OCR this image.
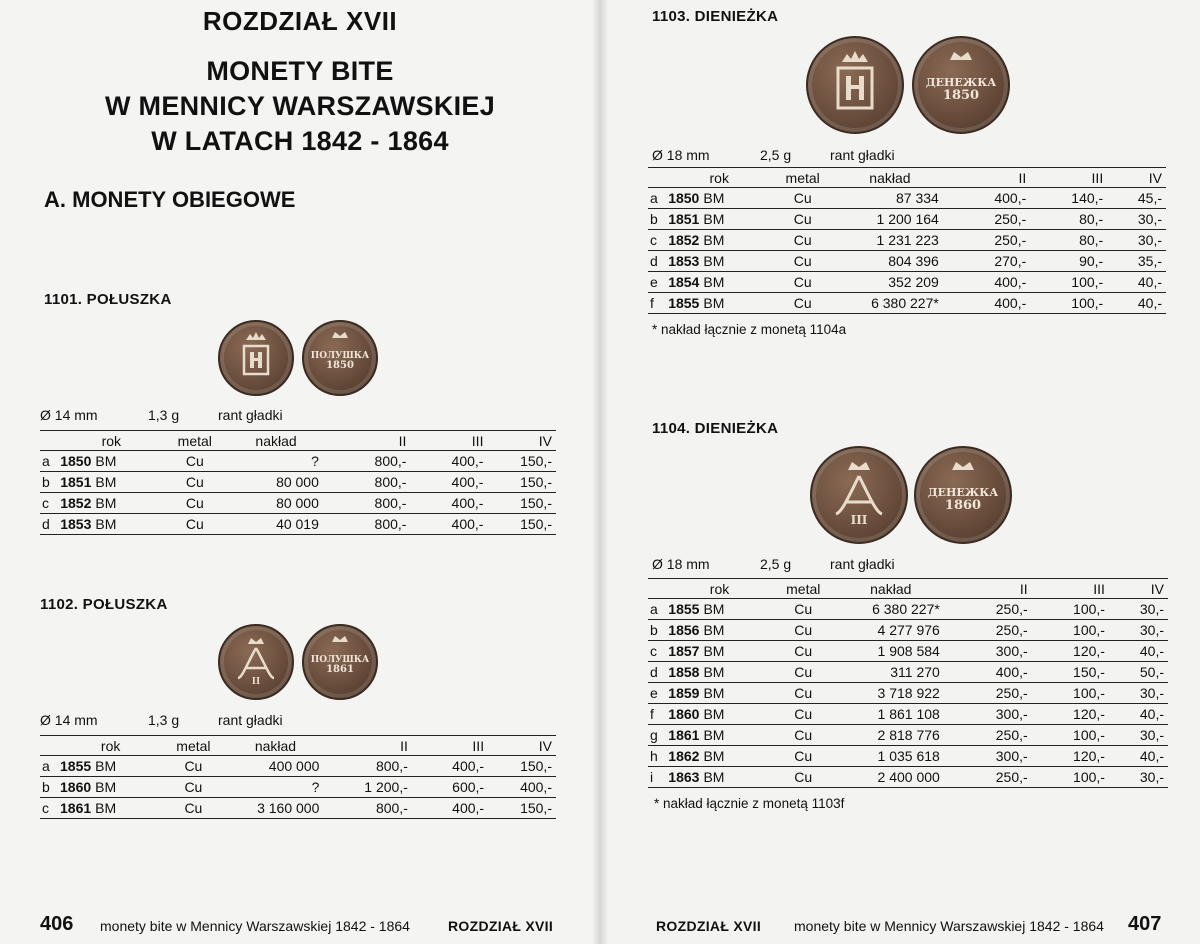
ROZDZIAŁ XVII
MONETY BITE
W MENNICY WARSZAWSKIEJ
W LATACH 1842 - 1864
A. MONETY OBIEGOWE
1101. POŁUSZKA
ПОЛУШКА
1850
Ø 14 mm	1,3 g	rant gładki
	rok	metal	nakład	II	III	IV
a	1850 BM	Cu	?	800,-	400,-	150,-
b	1851 BM	Cu	80 000	800,-	400,-	150,-
c	1852 BM	Cu	80 000	800,-	400,-	150,-
d	1853 BM	Cu	40 019	800,-	400,-	150,-
1102. POŁUSZKA
II
ПОЛУШКА
1861
Ø 14 mm	1,3 g	rant gładki
	rok	metal	nakład	II	III	IV
a	1855 BM	Cu	400 000	800,-	400,-	150,-
b	1860 BM	Cu	?	1 200,-	600,-	400,-
c	1861 BM	Cu	3 160 000	800,-	400,-	150,-
406 monety bite w Mennicy Warszawskiej 1842 - 1864	ROZDZIAŁ XVII
1103. DIENIEŻKA
ДЕНЕЖКА
1850
Ø 18 mm	2,5 g	rant gładki
	rok	metal	nakład	II	III	IV
a	1850 BM	Cu	87 334	400,-	140,-	45,-
b	1851 BM	Cu	1 200 164	250,-	80,-	30,-
c	1852 BM	Cu	1 231 223	250,-	80,-	30,-
d	1853 BM	Cu	804 396	270,-	90,-	35,-
e	1854 BM	Cu	352 209	400,-	100,-	40,-
f	1855 BM	Cu	6 380 227*	400,-	100,-	40,-
* nakład łącznie z monetą 1104a
1104. DIENIEŻKA
III
ДЕНЕЖКА
1860
Ø 18 mm	2,5 g	rant gładki
	rok	metal	nakład	II	III	IV
a	1855 BM	Cu	6 380 227*	250,-	100,-	30,-
b	1856 BM	Cu	4 277 976	250,-	100,-	30,-
c	1857 BM	Cu	1 908 584	300,-	120,-	40,-
d	1858 BM	Cu	311 270	400,-	150,-	50,-
e	1859 BM	Cu	3 718 922	250,-	100,-	30,-
f	1860 BM	Cu	1 861 108	300,-	120,-	40,-
g	1861 BM	Cu	2 818 776	250,-	100,-	30,-
h	1862 BM	Cu	1 035 618	300,-	120,-	40,-
i	1863 BM	Cu	2 400 000	250,-	100,-	30,-
* nakład łącznie z monetą 1103f
ROZDZIAŁ XVII monety bite w Mennicy Warszawskiej 1842 - 1864 407
